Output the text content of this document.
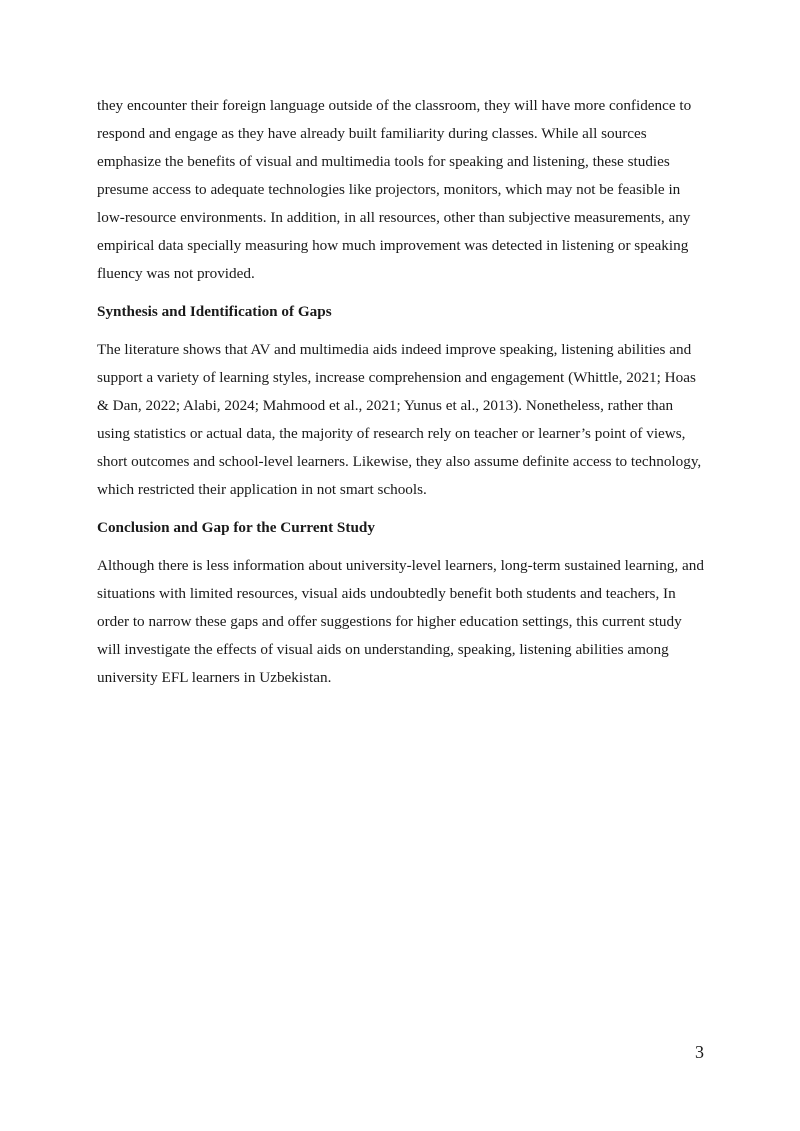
they encounter their foreign language outside of the classroom, they will have more confidence to respond and engage as they have already built familiarity during classes. While all sources emphasize the benefits of visual and multimedia tools for speaking and listening, these studies presume access to adequate technologies like projectors, monitors, which may not be feasible in low-resource environments. In addition, in all resources, other than subjective measurements, any empirical data specially measuring how much improvement was detected in listening or speaking fluency was not provided.

Synthesis and Identification of Gaps

The literature shows that AV and multimedia aids indeed improve speaking, listening abilities and support a variety of learning styles, increase comprehension and engagement (Whittle, 2021; Hoas & Dan, 2022; Alabi, 2024; Mahmood et al., 2021; Yunus et al., 2013). Nonetheless, rather than using statistics or actual data, the majority of research rely on teacher or learner’s point of views, short outcomes and school-level learners. Likewise, they also assume definite access to technology, which restricted their application in not smart schools.

Conclusion and Gap for the Current Study

Although there is less information about university-level learners, long-term sustained learning, and situations with limited resources, visual aids undoubtedly benefit both students and teachers, In order to narrow these gaps and offer suggestions for higher education settings, this current study will investigate the effects of visual aids on understanding, speaking, listening abilities among university EFL learners in Uzbekistan.

3
